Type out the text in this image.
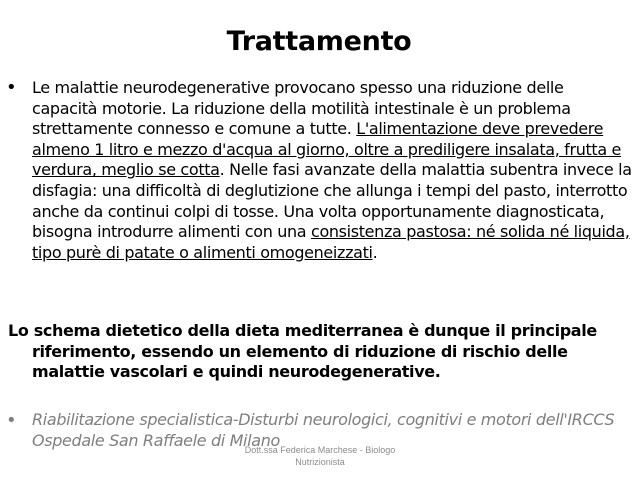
Trattamento
• Le malattie neurodegenerative provocano spesso una riduzione delle capacità motorie. La riduzione della motilità intestinale è un problema strettamente connesso e comune a tutte. L'alimentazione deve prevedere almeno 1 litro e mezzo d'acqua al giorno, oltre a prediligere insalata, frutta e verdura, meglio se cotta. Nelle fasi avanzate della malattia subentra invece la disfagia: una difficoltà di deglutizione che allunga i tempi del pasto, interrotto anche da continui colpi di tosse. Una volta opportunamente diagnosticata, bisogna introdurre alimenti con una consistenza pastosa: né solida né liquida, tipo purè di patate o alimenti omogeneizzati.
Lo schema dietetico della dieta mediterranea è dunque il principale
riferimento, essendo un elemento di riduzione di rischio delle malattie vascolari e quindi neurodegenerative.
• Riabilitazione specialistica-Disturbi neurologici, cognitivi e motori dell'IRCCS Ospedale San Raffaele di Milano
Dott.ssa Federica Marchese - Biologo
Nutrizionista
